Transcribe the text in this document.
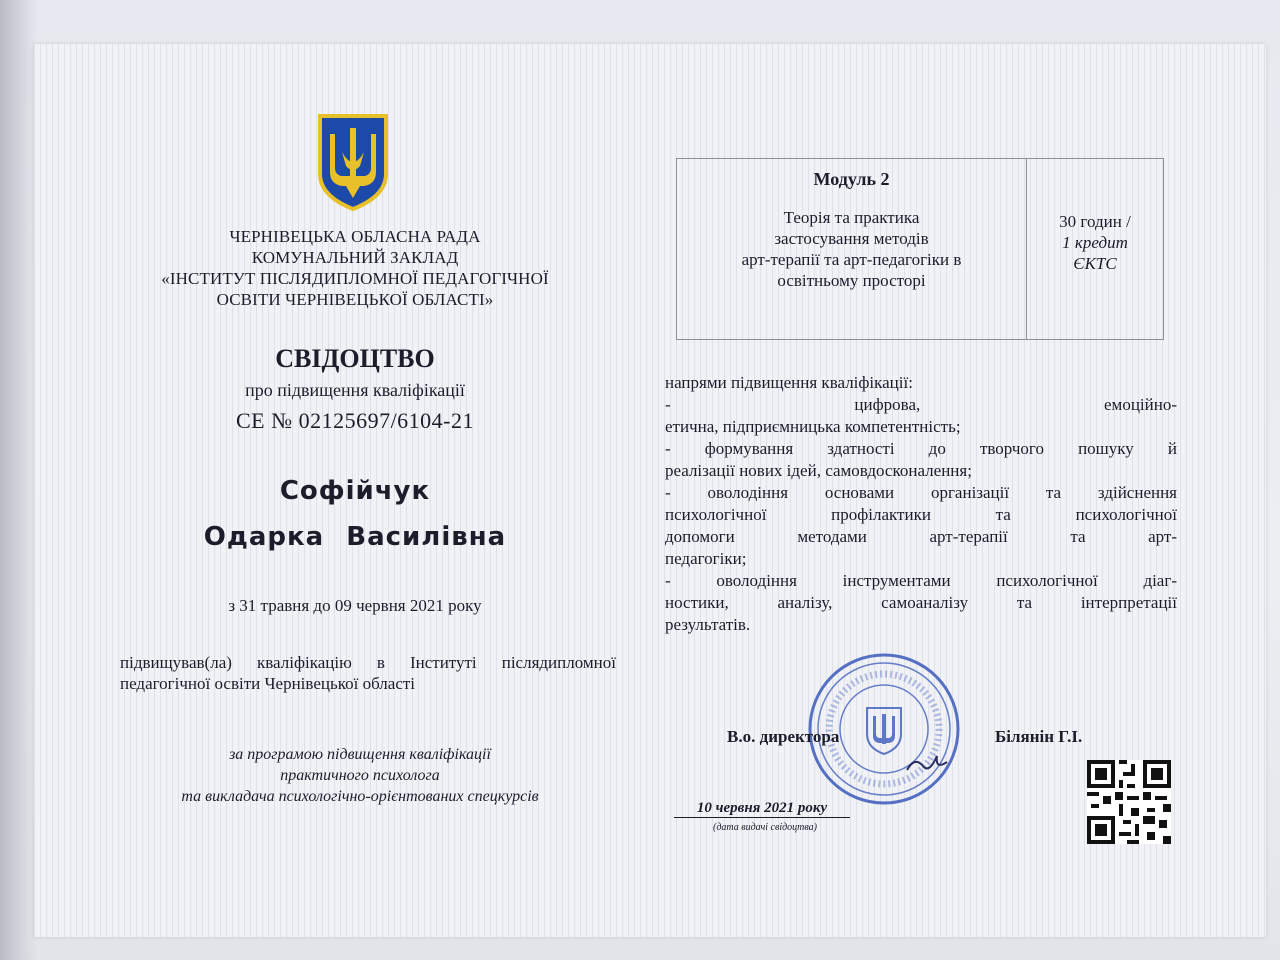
ЧЕРНІВЕЦЬКА ОБЛАСНА РАДА
КОМУНАЛЬНИЙ ЗАКЛАД
«ІНСТИТУТ ПІСЛЯДИПЛОМНОЇ ПЕДАГОГІЧНОЇ
ОСВІТИ ЧЕРНІВЕЦЬКОЇ ОБЛАСТІ»
СВІДОЦТВО
про підвищення кваліфікації
СЕ № 02125697/6104-21
Софійчук
Одарка Василівна
з 31 травня до 09 червня 2021 року
підвищував(ла) кваліфікацію в Інституті післядипломної педагогічної освіти Чернівецької області
за програмою підвищення кваліфікації
практичного психолога
та викладача психологічно-орієнтованих спецкурсів
Модуль 2
Теорія та практика
застосування методів
арт-терапії та арт-педагогіки в
освітньому просторі
30 годин /
1 кредит
ЄКТС
напрями підвищення кваліфікації:
- цифрова, емоційно-
етична, підприємницька компетентність;
- формування здатності до творчого пошуку й
реалізації нових ідей, самовдосконалення;
- оволодіння основами організації та здійснення
психологічної профілактики та психологічної
допомоги методами арт-терапії та арт-
педагогіки;
- оволодіння інструментами психологічної діаг-
ностики, аналізу, самоаналізу та інтерпретації
результатів.
В.о. директора	Білянін Г.І.
10 червня 2021 року
(дата видачі свідоцтва)
